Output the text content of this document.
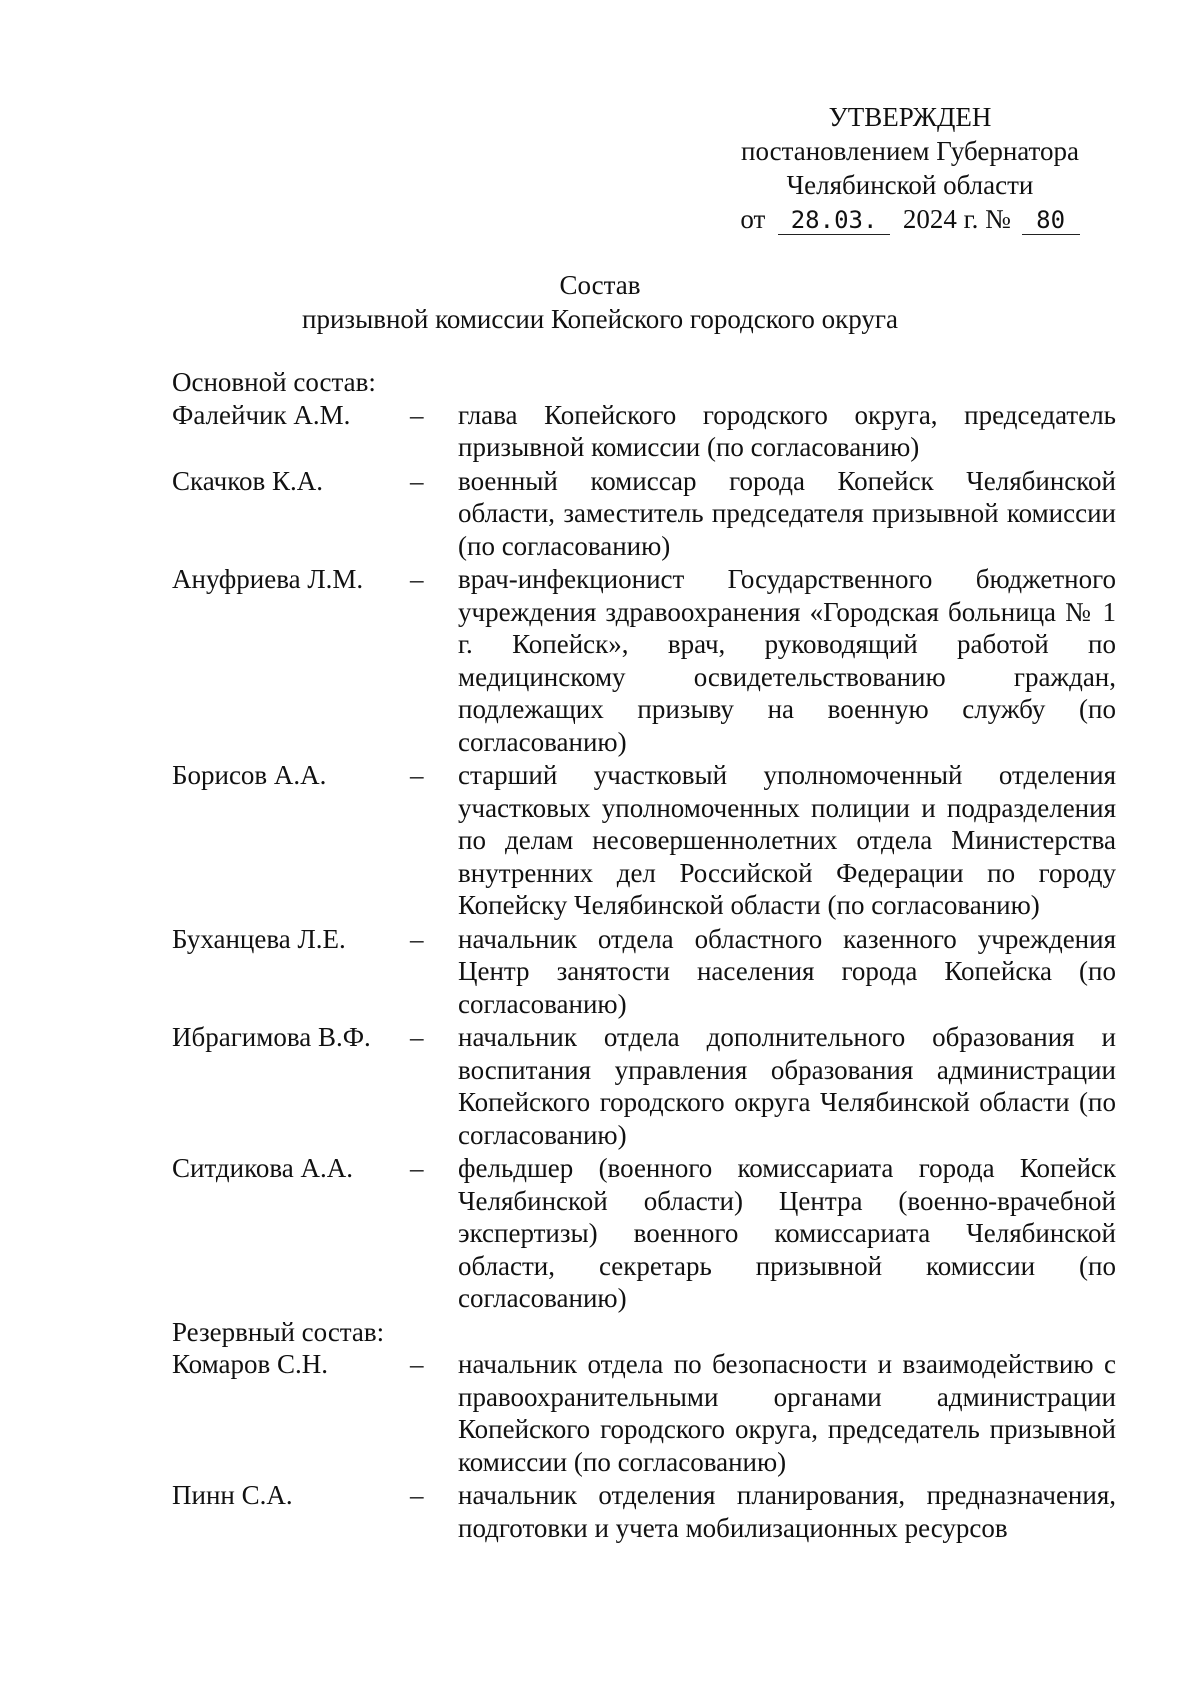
УТВЕРЖДЕН
постановлением Губернатора
Челябинской области
от 28.03. 2024 г. № 80
Состав
призывной комиссии Копейского городского округа
Основной состав:
Фалейчик А.М.	–	глава Копейского городского округа, председатель призывной комиссии (по согласованию)
Скачков К.А.	–	военный комиссар города Копейск Челябинской области, заместитель председателя призывной комиссии (по согласованию)
Ануфриева Л.М.	–	врач-инфекционист Государственного бюджетного учреждения здравоохранения «Городская больница № 1 г. Копейск», врач, руководящий работой по медицинскому освидетельствованию граждан, подлежащих призыву на военную службу (по согласованию)
Борисов А.А.	–	старший участковый уполномоченный отделения участковых уполномоченных полиции и подразделения по делам несовершеннолетних отдела Министерства внутренних дел Российской Федерации по городу Копейску Челябинской области (по согласованию)
Буханцева Л.Е.	–	начальник отдела областного казенного учреждения Центр занятости населения города Копейска (по согласованию)
Ибрагимова В.Ф.	–	начальник отдела дополнительного образования и воспитания управления образования администрации Копейского городского округа Челябинской области (по согласованию)
Ситдикова А.А.	–	фельдшер (военного комиссариата города Копейск Челябинской области) Центра (военно-врачебной экспертизы) военного комиссариата Челябинской области, секретарь призывной комиссии (по согласованию)
Резервный состав:
Комаров С.Н.	–	начальник отдела по безопасности и взаимодействию с правоохранительными органами администрации Копейского городского округа, председатель призывной комиссии (по согласованию)
Пинн С.А.	–	начальник отделения планирования, предназначения, подготовки и учета мобилизационных ресурсов
